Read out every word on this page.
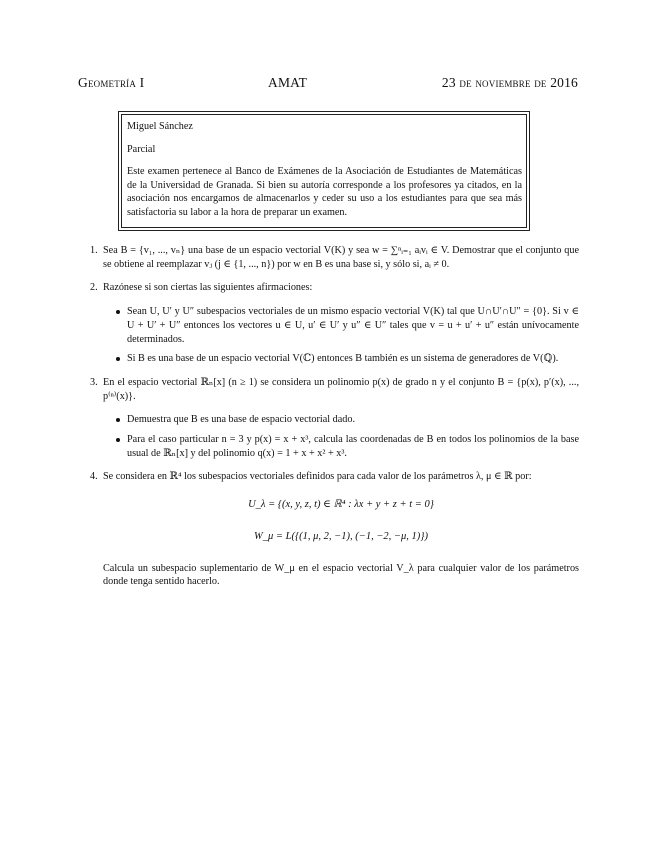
Geometría I	AMAT	23 de noviembre de 2016

Miguel Sánchez

Parcial

Este examen pertenece al Banco de Exámenes de la Asociación de Estudiantes de Matemáticas de la Universidad de Granada. Si bien su autoría corresponde a los profesores ya citados, en la asociación nos encargamos de almacenarlos y ceder su uso a los estudiantes para que sea más satisfactoria su labor a la hora de preparar un examen.

1. Sea B = {v₁, ..., vₙ} una base de un espacio vectorial V(K) y sea w = ∑ⁿᵢ₌₁ aᵢvᵢ ∈ V. Demostrar que el conjunto que se obtiene al reemplazar vⱼ (j ∈ {1, ..., n}) por w en B es una base si, y sólo si, aᵢ ≠ 0.

2. Razónese si son ciertas las siguientes afirmaciones:

Sean U, U′ y U″ subespacios vectoriales de un mismo espacio vectorial V(K) tal que U∩U′∩U″ = {0}. Si v ∈ U + U′ + U″ entonces los vectores u ∈ U, u′ ∈ U′ y u″ ∈ U″ tales que v = u + u′ + u″ están unívocamente determinados.
Si B es una base de un espacio vectorial V(ℂ) entonces B también es un sistema de generadores de V(ℚ).
3. En el espacio vectorial ℝₙ[x] (n ≥ 1) se considera un polinomio p(x) de grado n y el conjunto B = {p(x), p′(x), ..., p⁽ⁿ⁾(x)}.

Demuestra que B es una base de espacio vectorial dado.
Para el caso particular n = 3 y p(x) = x + x³, calcula las coordenadas de B en todos los polinomios de la base usual de ℝₙ[x] y del polinomio q(x) = 1 + x + x² + x³.
4. Se considera en ℝ⁴ los subespacios vectoriales definidos para cada valor de los parámetros λ, μ ∈ ℝ por:

U_λ = {(x, y, z, t) ∈ ℝ⁴ : λx + y + z + t = 0}
W_μ = L({(1, μ, 2, −1), (−1, −2, −μ, 1)})

Calcula un subespacio suplementario de W_μ en el espacio vectorial V_λ para cualquier valor de los parámetros donde tenga sentido hacerlo.
